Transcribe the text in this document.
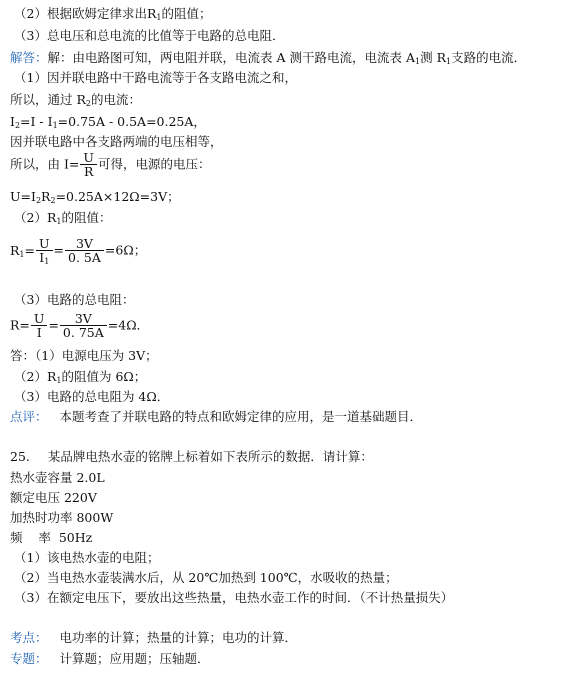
（2）根据欧姆定律求出$R_1$的阻值；
（3）总电压和总电流的比值等于电路的总电阻．
解答：解：由电路图可知，两电阻并联，电流表 A 测干路电流，电流表 $A_1$测 $R_1$支路的电流．
（1）因并联电路中干路电流等于各支路电流之和，
所以，通过 $R_2$的电流：
$I_2=I - I_1=0.75A - 0.5A=0.25A$，
因并联电路中各支路两端的电压相等，
所以，由 $I= \frac{U}{R}$ 可得，电源的电压：
$U=I_2R_2=0.25A\times 12\Omega=3V$；
$(2)R_1$的阻值：
$R_1= \frac{U}{I_1} = \frac{3V}{0. 5A} =6\Omega$；
（3）电路的总电阻：
$R= \frac{U}{I} = \frac{3V}{0. 75A} =4\Omega$．
答：（1）电源电压为 3V；
$(2)R_1$的阻值为 6Ω；
（3）电路的总电阻为 4Ω．
点评： 本题考查了并联电路的特点和欧姆定律的应用，是一道基础题目．
25. 某品牌电热水壶的铭牌上标着如下表所示的数据．请计算：
热水壶容量 2.0L
额定电压 220V
加热时功率 800W
频    率  50Hz
（1）该电热水壶的电阻；
（2）当电热水壶装满水后，从 20℃加热到 100℃，水吸收的热量；
（3）在额定电压下，要放出这些热量，电热水壶工作的时间．（不计热量损失）
考点： 电功率的计算；热量的计算；电功的计算．
专题： 计算题；应用题；压轴题．
